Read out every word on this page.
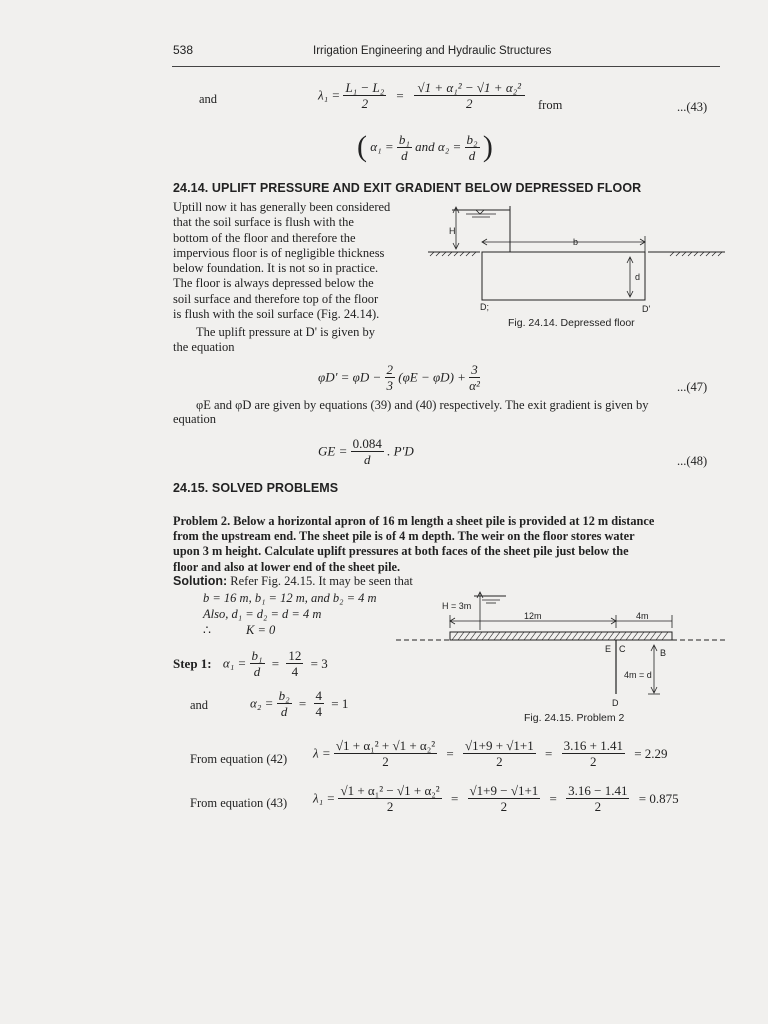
538	Irrigation Engineering and Hydraulic Structures
and	$\lambda_1 = \frac{\text{L₁ − L₂}}{2} = \frac{\text{√1 + α₁² − √1 + α₂²}}{2}$ from	...(43)
( $\alpha_1 = \frac{\text{b₁}}{d}$ and $\alpha_2 = \frac{\text{b₂}}{d}$ )
24.14. UPLIFT PRESSURE AND EXIT GRADIENT BELOW DEPRESSED FLOOR
Uptill now it has generally been considered
that the soil surface is flush with the
bottom of the floor and therefore the
impervious floor is of negligible thickness
below foundation. It is not so in practice.
The floor is always depressed below the
soil surface and therefore top of the floor
is flush with the soil surface (Fig. 24.14).
The uplift pressure at D' is given by
the equation
H
b
d
D;	D'
Fig. 24.14. Depressed floor
$\varphi D' = \varphi D - \frac{2}{3} (\varphi E - \varphi D) + \frac{3}{\text{α²}}$	...(47)
φE and φD are given by equations (39) and (40) respectively. The exit gradient is given by
equation
GE = $\frac{0.084}{d}$ . P'D
...(48)
24.15. SOLVED PROBLEMS
Problem 2. Below a horizontal apron of 16 m length a sheet pile is provided at 12 m distance
from the upstream end. The sheet pile is of 4 m depth. The weir on the floor stores water
upon 3 m height. Calculate uplift pressures at both faces of the sheet pile just below the
floor and also at lower end of the sheet pile.
Solution: Refer Fig. 24.15. It may be seen that
b = 16 m, b₁ = 12 m, and b₂ = 4 m
Also, d₁ = d₂ = d = 4 m
∴	K = 0
Step 1: $\alpha_1 = \frac{\text{b₁}}{d} = \frac{12}{4} = 3$
and	$\alpha_2 = \frac{\text{b₂}}{d} = \frac{4}{4} = 1$
H = 3m
12m	4m
E C	B
4m = d
D
Fig. 24.15. Problem 2
From equation (42) $\lambda = \frac{\text{√1 + α₁² + √1 + α₂²}}{2} = \frac{√1+9 + √1+1}{2} = \frac{3.16 + 1.41}{2} = 2.29$
From equation (43) $\lambda_1 = \frac{\text{√1 + α₁² − √1 + α₂²}}{2} = \frac{√1+9 - √1+1}{2} = \frac{3.16 - 1.41}{2} = 0.875$
